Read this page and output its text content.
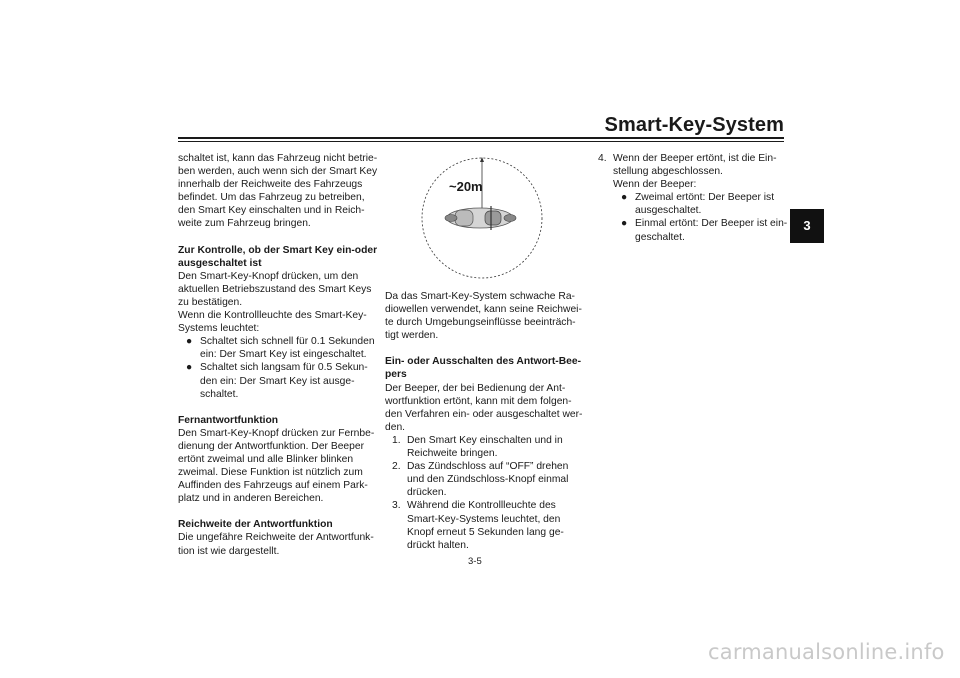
Smart-Key-System
3

schaltet ist, kann das Fahrzeug nicht betrie-ben werden, auch wenn sich der Smart Key innerhalb der Reichweite des Fahrzeugs befindet. Um das Fahrzeug zu betreiben, den Smart Key einschalten und in Reich-weite zum Fahrzeug bringen.

Zur Kontrolle, ob der Smart Key ein-oder ausgeschaltet ist

Den Smart-Key-Knopf drücken, um den aktuellen Betriebszustand des Smart Keys zu bestätigen.

Wenn die Kontrollleuchte des Smart-Key-Systems leuchtet:

● Schaltet sich schnell für 0.1 Sekunden ein: Der Smart Key ist eingeschaltet.
● Schaltet sich langsam für 0.5 Sekun-den ein: Der Smart Key ist ausge-schaltet.

Fernantwortfunktion

Den Smart-Key-Knopf drücken zur Fernbe-dienung der Antwortfunktion. Der Beeper ertönt zweimal und alle Blinker blinken zweimal. Diese Funktion ist nützlich zum Auffinden des Fahrzeugs auf einem Park-platz und in anderen Bereichen.

Reichweite der Antwortfunktion

Die ungefähre Reichweite der Antwortfunk-tion ist wie dargestellt.

~20m

Da das Smart-Key-System schwache Ra-diowellen verwendet, kann seine Reichwei-te durch Umgebungseinflüsse beeinträch-tigt werden.

Ein- oder Ausschalten des Antwort-Bee-pers

Der Beeper, der bei Bedienung der Ant-wortfunktion ertönt, kann mit dem folgen-den Verfahren ein- oder ausgeschaltet wer-den.

1. Den Smart Key einschalten und in Reichweite bringen.
2. Das Zündschloss auf “OFF” drehen und den Zündschloss-Knopf einmal drücken.
3. Während die Kontrollleuchte des Smart-Key-Systems leuchtet, den Knopf erneut 5 Sekunden lang ge-drückt halten.
4. Wenn der Beeper ertönt, ist die Ein-stellung abgeschlossen.
Wenn der Beeper:
● Zweimal ertönt: Der Beeper ist ausgeschaltet.
● Einmal ertönt: Der Beeper ist ein-geschaltet.
3-5
carmanualsonline.info
